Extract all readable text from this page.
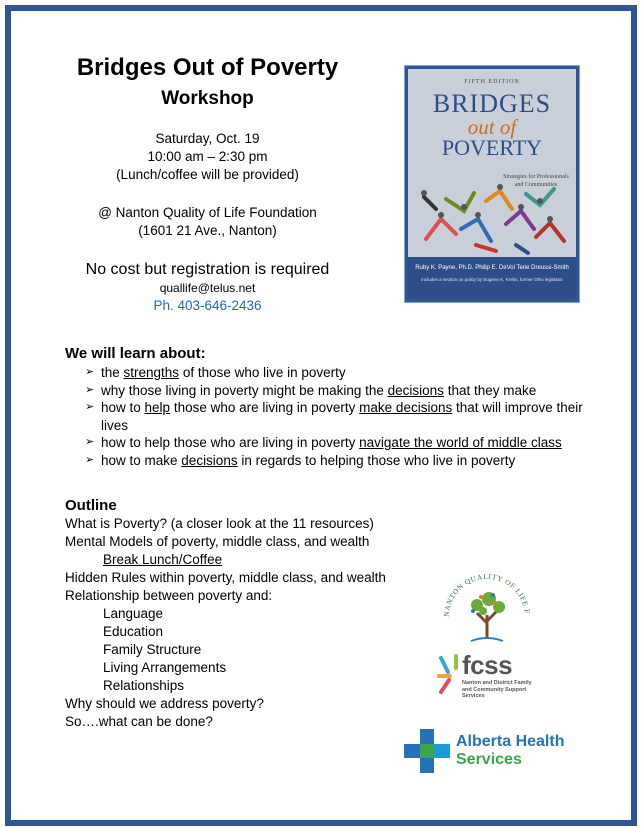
Bridges Out of Poverty
Workshop
Saturday, Oct. 19
10:00 am – 2:30 pm
(Lunch/coffee will be provided)
@ Nanton Quality of Life Foundation
(1601 21 Ave., Nanton)
No cost but registration is required
quallife@telus.net
Ph. 403-646-2436
FIFTH EDITION
BRIDGES
out of
POVERTY
Strategies for Professionals and Communities
Ruby K. Payne, Ph.D. Philip E. DeVol Terie Dreussi-Smith
Includes a section on policy by Eugene K. Krebs, former Ohio legislator
We will learn about:
➢ the strengths of those who live in poverty
➢ why those living in poverty might be making the decisions that they make
➢ how to help those who are living in poverty make decisions that will improve their lives
➢ how to help those who are living in poverty navigate the world of middle class
➢ how to make decisions in regards to helping those who live in poverty
Outline
What is Poverty? (a closer look at the 11 resources)
Mental Models of poverty, middle class, and wealth
Break Lunch/Coffee
Hidden Rules within poverty, middle class, and wealth
Relationship between poverty and:
Language
Education
Family Structure
Living Arrangements
Relationships
Why should we address poverty?
So….what can be done?
NANTON QUALITY OF LIFE F
fcss
Nanton and District Family and Community Support Services
Alberta Health
Services
